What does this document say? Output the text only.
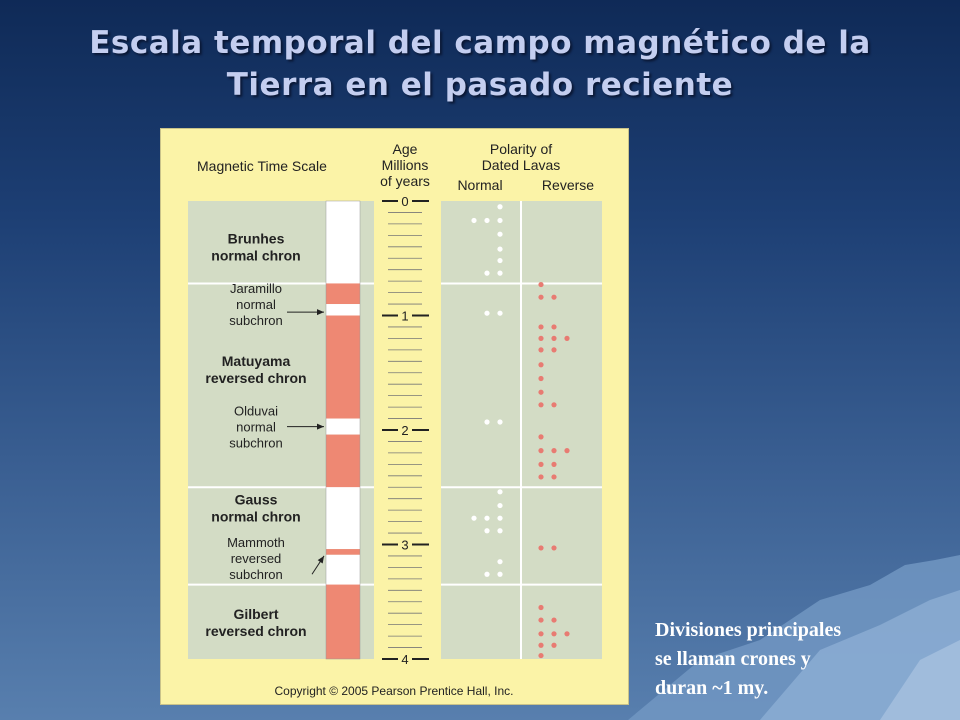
Escala temporal del campo magnético de la
Tierra en el pasado reciente
Magnetic Time Scale
Age
Millions
of years
Polarity of
Dated Lavas
Normal	Reverse
0
1
2
3
4
Brunhes
normal chron
Jaramillo
normal
subchron
Matuyama
reversed chron
Olduvai
normal
subchron
Gauss
normal chron
Mammoth
reversed
subchron
Gilbert
reversed chron
Copyright © 2005 Pearson Prentice Hall, Inc.
Divisiones principales
se llaman crones y
duran ~1 my.
